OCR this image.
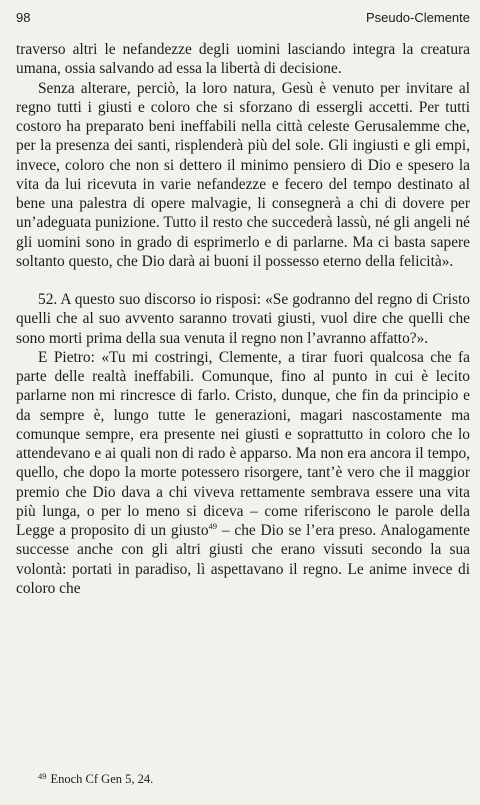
98	Pseudo-Clemente

traverso altri le nefandezze degli uomini lasciando integra la creatura umana, ossia salvando ad essa la libertà di decisione.

Senza alterare, perciò, la loro natura, Gesù è venuto per invitare al regno tutti i giusti e coloro che si sforzano di essergli accetti. Per tutti costoro ha preparato beni ineffabili nella città celeste Gerusalemme che, per la presenza dei santi, risplenderà più del sole. Gli ingiusti e gli empi, invece, coloro che non si dettero il minimo pensiero di Dio e spesero la vita da lui ricevuta in varie nefandezze e fecero del tempo destinato al bene una palestra di opere malvagie, li consegnerà a chi di dovere per un’adeguata punizione. Tutto il resto che succederà lassù, né gli angeli né gli uomini sono in grado di esprimerlo e di parlarne. Ma ci basta sapere soltanto questo, che Dio darà ai buoni il possesso eterno della felicità».

52. A questo suo discorso io risposi: «Se godranno del regno di Cristo quelli che al suo avvento saranno trovati giusti, vuol dire che quelli che sono morti prima della sua venuta il regno non l’avranno affatto?».

E Pietro: «Tu mi costringi, Clemente, a tirar fuori qualcosa che fa parte delle realtà ineffabili. Comunque, fino al punto in cui è lecito parlarne non mi rincresce di farlo. Cristo, dunque, che fin da principio e da sempre è, lungo tutte le generazioni, magari nascostamente ma comunque sempre, era presente nei giusti e soprattutto in coloro che lo attendevano e ai quali non di rado è apparso. Ma non era ancora il tempo, quello, che dopo la morte potessero risorgere, tant’è vero che il maggior premio che Dio dava a chi viveva rettamente sembrava essere una vita più lunga, o per lo meno si diceva – come riferiscono le parole della Legge a proposito di un giusto$^{49}$ – che Dio se l’era preso. Analogamente successe anche con gli altri giusti che erano vissuti secondo la sua volontà: portati in paradiso, lì aspettavano il regno. Le anime invece di coloro che

$^{49}$ Enoch Cf Gen 5, 24.
